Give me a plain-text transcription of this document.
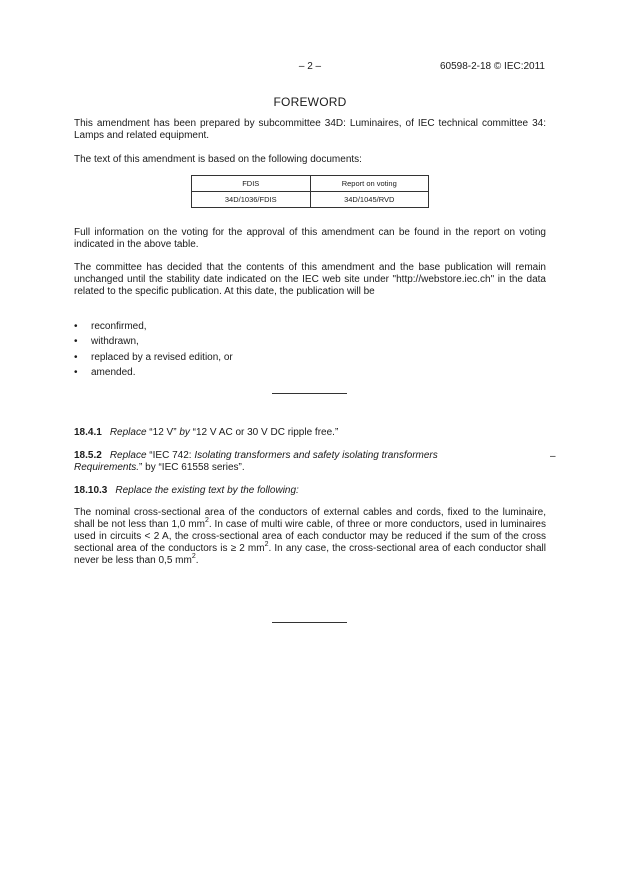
– 2 –	60598-2-18 © IEC:2011
FOREWORD

This amendment has been prepared by subcommittee 34D: Luminaires, of IEC technical committee 34: Lamps and related equipment.

The text of this amendment is based on the following documents:

FDIS	Report on voting
34D/1036/FDIS	34D/1045/RVD

Full information on the voting for the approval of this amendment can be found in the report on voting indicated in the above table.

The committee has decided that the contents of this amendment and the base publication will remain unchanged until the stability date indicated on the IEC web site under "http://webstore.iec.ch" in the data related to the specific publication. At this date, the publication will be

• reconfirmed,
• withdrawn,
• replaced by a revised edition, or
• amended.

18.4.1 Replace “12 V” by “12 V AC or 30 V DC ripple free.”

18.5.2 Replace “IEC 742: Isolating transformers and safety isolating transformers
Requirements.” by “IEC 61558 series”.

–

18.10.3 Replace the existing text by the following:

The nominal cross-sectional area of the conductors of external cables and cords, fixed to the luminaire, shall be not less than 1,0 $mm^2$. In case of multi wire cable, of three or more conductors, used in luminaires used in circuits < 2 A, the cross-sectional area of each conductor may be reduced if the sum of the cross sectional area of the conductors is ≥ 2 $mm^2$. In any case, the cross-sectional area of each conductor shall never be less than 0,5 $mm^2$.
